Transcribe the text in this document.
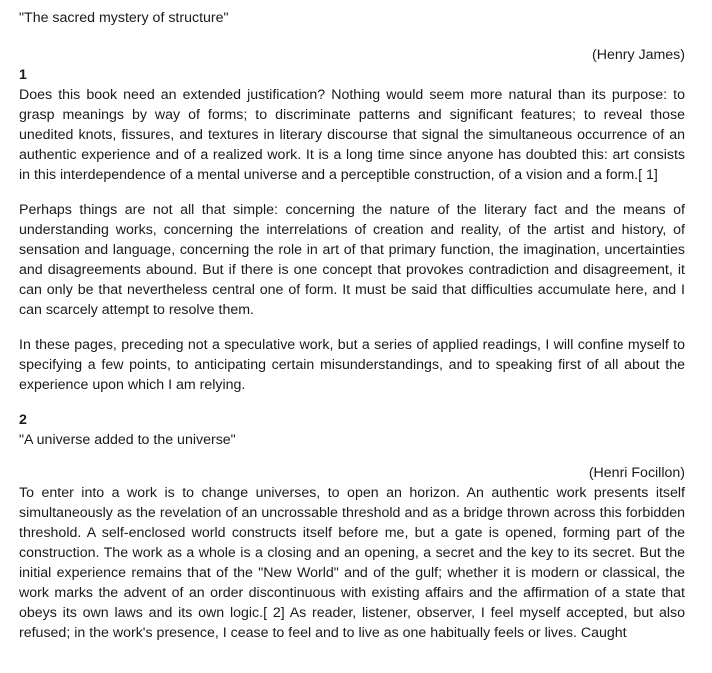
"The sacred mystery of structure"

(Henry James)

1

Does this book need an extended justification? Nothing would seem more natural than its purpose: to grasp meanings by way of forms; to discriminate patterns and significant features; to reveal those unedited knots, fissures, and textures in literary discourse that signal the simultaneous occurrence of an authentic experience and of a realized work. It is a long time since anyone has doubted this: art consists in this interdependence of a mental universe and a perceptible construction, of a vision and a form.[ 1]

Perhaps things are not all that simple: concerning the nature of the literary fact and the means of understanding works, concerning the interrelations of creation and reality, of the artist and history, of sensation and language, concerning the role in art of that primary function, the imagination, uncertainties and disagreements abound. But if there is one concept that provokes contradiction and disagreement, it can only be that nevertheless central one of form. It must be said that difficulties accumulate here, and I can scarcely attempt to resolve them.

In these pages, preceding not a speculative work, but a series of applied readings, I will confine myself to specifying a few points, to anticipating certain misunderstandings, and to speaking first of all about the experience upon which I am relying.

2

"A universe added to the universe"

(Henri Focillon)

To enter into a work is to change universes, to open an horizon. An authentic work presents itself simultaneously as the revelation of an uncrossable threshold and as a bridge thrown across this forbidden threshold. A self-enclosed world constructs itself before me, but a gate is opened, forming part of the construction. The work as a whole is a closing and an opening, a secret and the key to its secret. But the initial experience remains that of the "New World" and of the gulf; whether it is modern or classical, the work marks the advent of an order discontinuous with existing affairs and the affirmation of a state that obeys its own laws and its own logic.[ 2] As reader, listener, observer, I feel myself accepted, but also refused; in the work's presence, I cease to feel and to live as one habitually feels or lives. Caught
